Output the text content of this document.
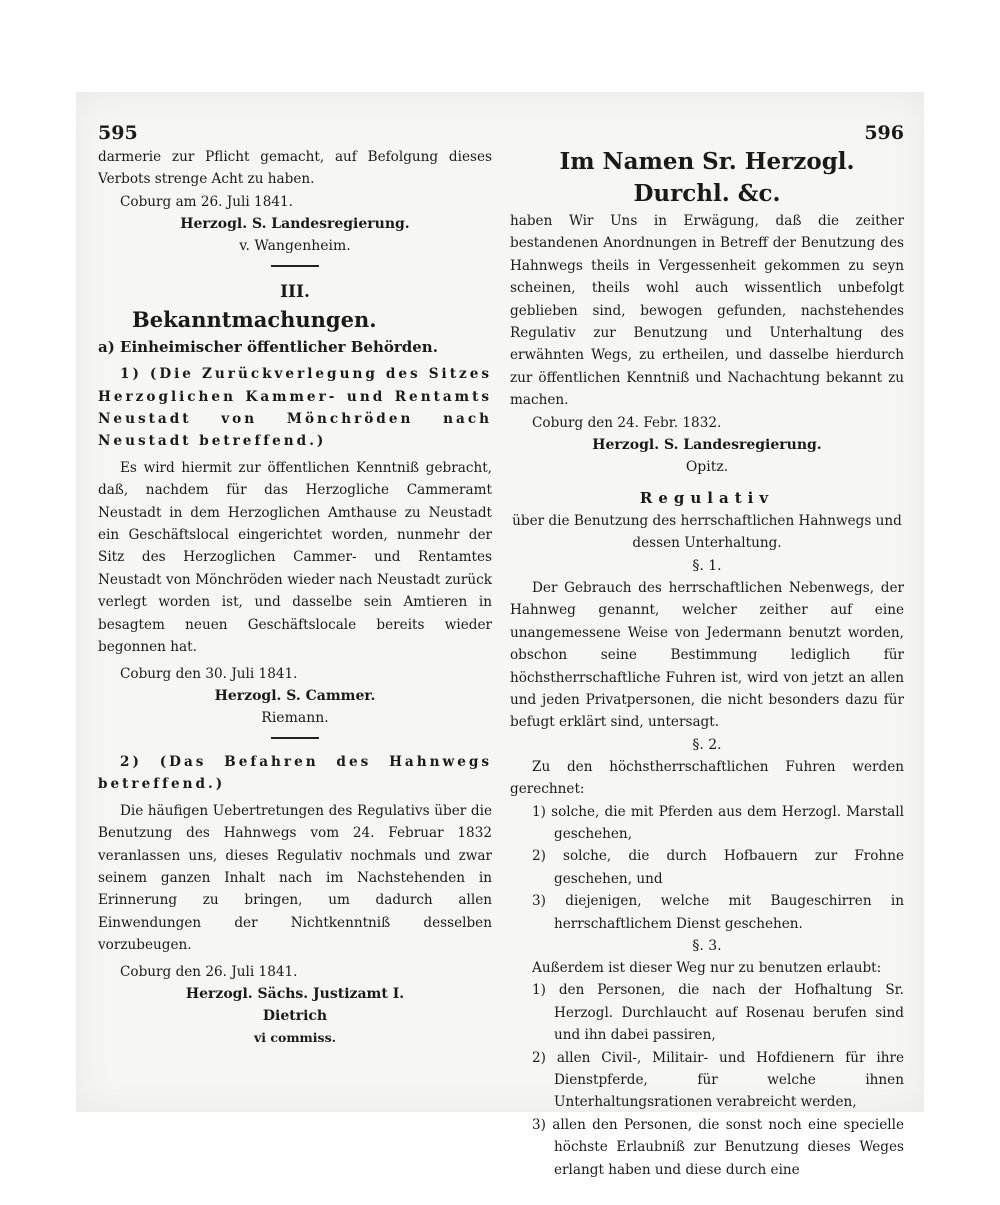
595

darmerie zur Pflicht gemacht, auf Befolgung dieses Verbots strenge Acht zu haben.

Coburg am 26. Juli 1841.

Herzogl. S. Landesregierung.

v. Wangenheim.

III.

Bekanntmachungen.

a) Einheimischer öffentlicher Behörden.

1) (Die Zurückverlegung des Sitzes Herzoglichen Kammer- und Rentamts Neustadt von Mönchröden nach Neustadt betreffend.)

Es wird hiermit zur öffentlichen Kenntniß gebracht, daß, nachdem für das Herzogliche Cammeramt Neustadt in dem Herzoglichen Amthause zu Neustadt ein Geschäftslocal eingerichtet worden, nunmehr der Sitz des Herzoglichen Cammer- und Rentamtes Neustadt von Mönchröden wieder nach Neustadt zurück verlegt worden ist, und dasselbe sein Amtieren in besagtem neuen Geschäftslocale bereits wieder begonnen hat.

Coburg den 30. Juli 1841.

Herzogl. S. Cammer.

Riemann.

2) (Das Befahren des Hahnwegs betreffend.)

Die häufigen Uebertretungen des Regulativs über die Benutzung des Hahnwegs vom 24. Februar 1832 veranlassen uns, dieses Regulativ nochmals und zwar seinem ganzen Inhalt nach im Nachstehenden in Erinnerung zu bringen, um dadurch allen Einwendungen der Nichtkenntniß desselben vorzubeugen.

Coburg den 26. Juli 1841.

Herzogl. Sächs. Justizamt I.

Dietrich

vi commiss.

596

Im Namen Sr. Herzogl. Durchl. &c.

haben Wir Uns in Erwägung, daß die zeither bestandenen Anordnungen in Betreff der Benutzung des Hahnwegs theils in Vergessenheit gekommen zu seyn scheinen, theils wohl auch wissentlich unbefolgt geblieben sind, bewogen gefunden, nachstehendes Regulativ zur Benutzung und Unterhaltung des erwähnten Wegs, zu ertheilen, und dasselbe hierdurch zur öffentlichen Kenntniß und Nachachtung bekannt zu machen.

Coburg den 24. Febr. 1832.

Herzogl. S. Landesregierung.

Opitz.

Regulativ

über die Benutzung des herrschaftlichen Hahnwegs und dessen Unterhaltung.

§. 1.

Der Gebrauch des herrschaftlichen Nebenwegs, der Hahnweg genannt, welcher zeither auf eine unangemessene Weise von Jedermann benutzt worden, obschon seine Bestimmung lediglich für höchstherrschaftliche Fuhren ist, wird von jetzt an allen und jeden Privatpersonen, die nicht besonders dazu für befugt erklärt sind, untersagt.

§. 2.

Zu den höchstherrschaftlichen Fuhren werden gerechnet:

1) solche, die mit Pferden aus dem Herzogl. Marstall geschehen,

2) solche, die durch Hofbauern zur Frohne geschehen, und

3) diejenigen, welche mit Baugeschirren in herrschaftlichem Dienst geschehen.

§. 3.

Außerdem ist dieser Weg nur zu benutzen erlaubt:

1) den Personen, die nach der Hofhaltung Sr. Herzogl. Durchlaucht auf Rosenau berufen sind und ihn dabei passiren,

2) allen Civil-, Militair- und Hofdienern für ihre Dienstpferde, für welche ihnen Unterhaltungsrationen verabreicht werden,

3) allen den Personen, die sonst noch eine specielle höchste Erlaubniß zur Benutzung dieses Weges erlangt haben und diese durch eine
